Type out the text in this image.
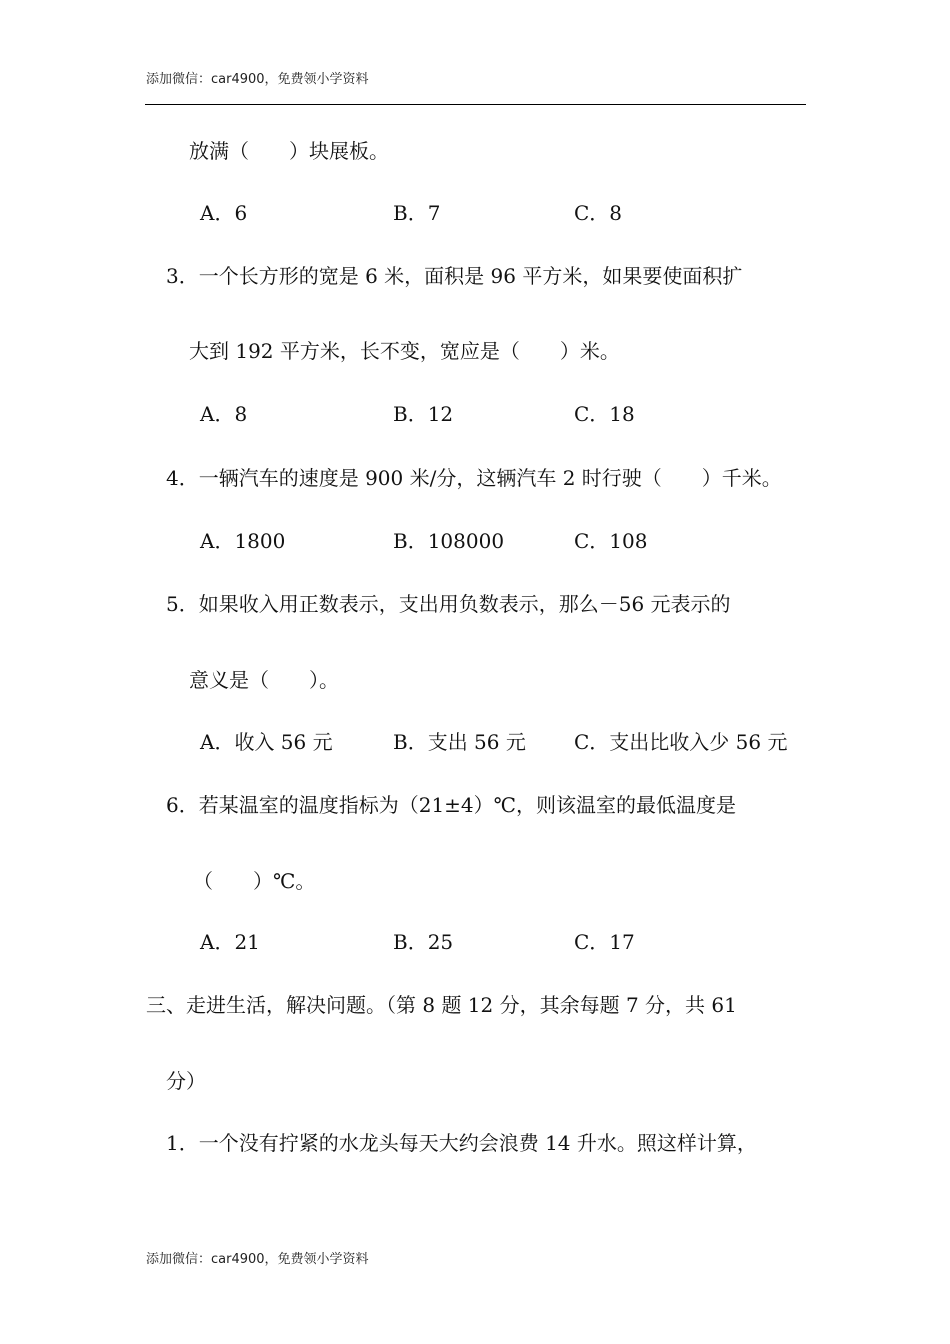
添加微信：car4900，免费领小学资料
放满（　　）块展板。
A．6	B．7	C．8
3．一个长方形的宽是 6 米，面积是 96 平方米，如果要使面积扩
大到 192 平方米，长不变，宽应是（　　）米。
A．8	B．12	C．18
4．一辆汽车的速度是 900 米/分，这辆汽车 2 时行驶（　　）千米。
A．1800	B．108000	C．108
5．如果收入用正数表示，支出用负数表示，那么－56 元表示的
意义是（　　）。
A．收入 56 元	B．支出 56 元 C．支出比收入少 56 元
6．若某温室的温度指标为（21±4）℃，则该温室的最低温度是
（　　）℃。
A．21	B．25	C．17
三、走进生活，解决问题。（第 8 题 12 分，其余每题 7 分，共 61
分）
1．一个没有拧紧的水龙头每天大约会浪费 14 升水。照这样计算，
添加微信：car4900，免费领小学资料
